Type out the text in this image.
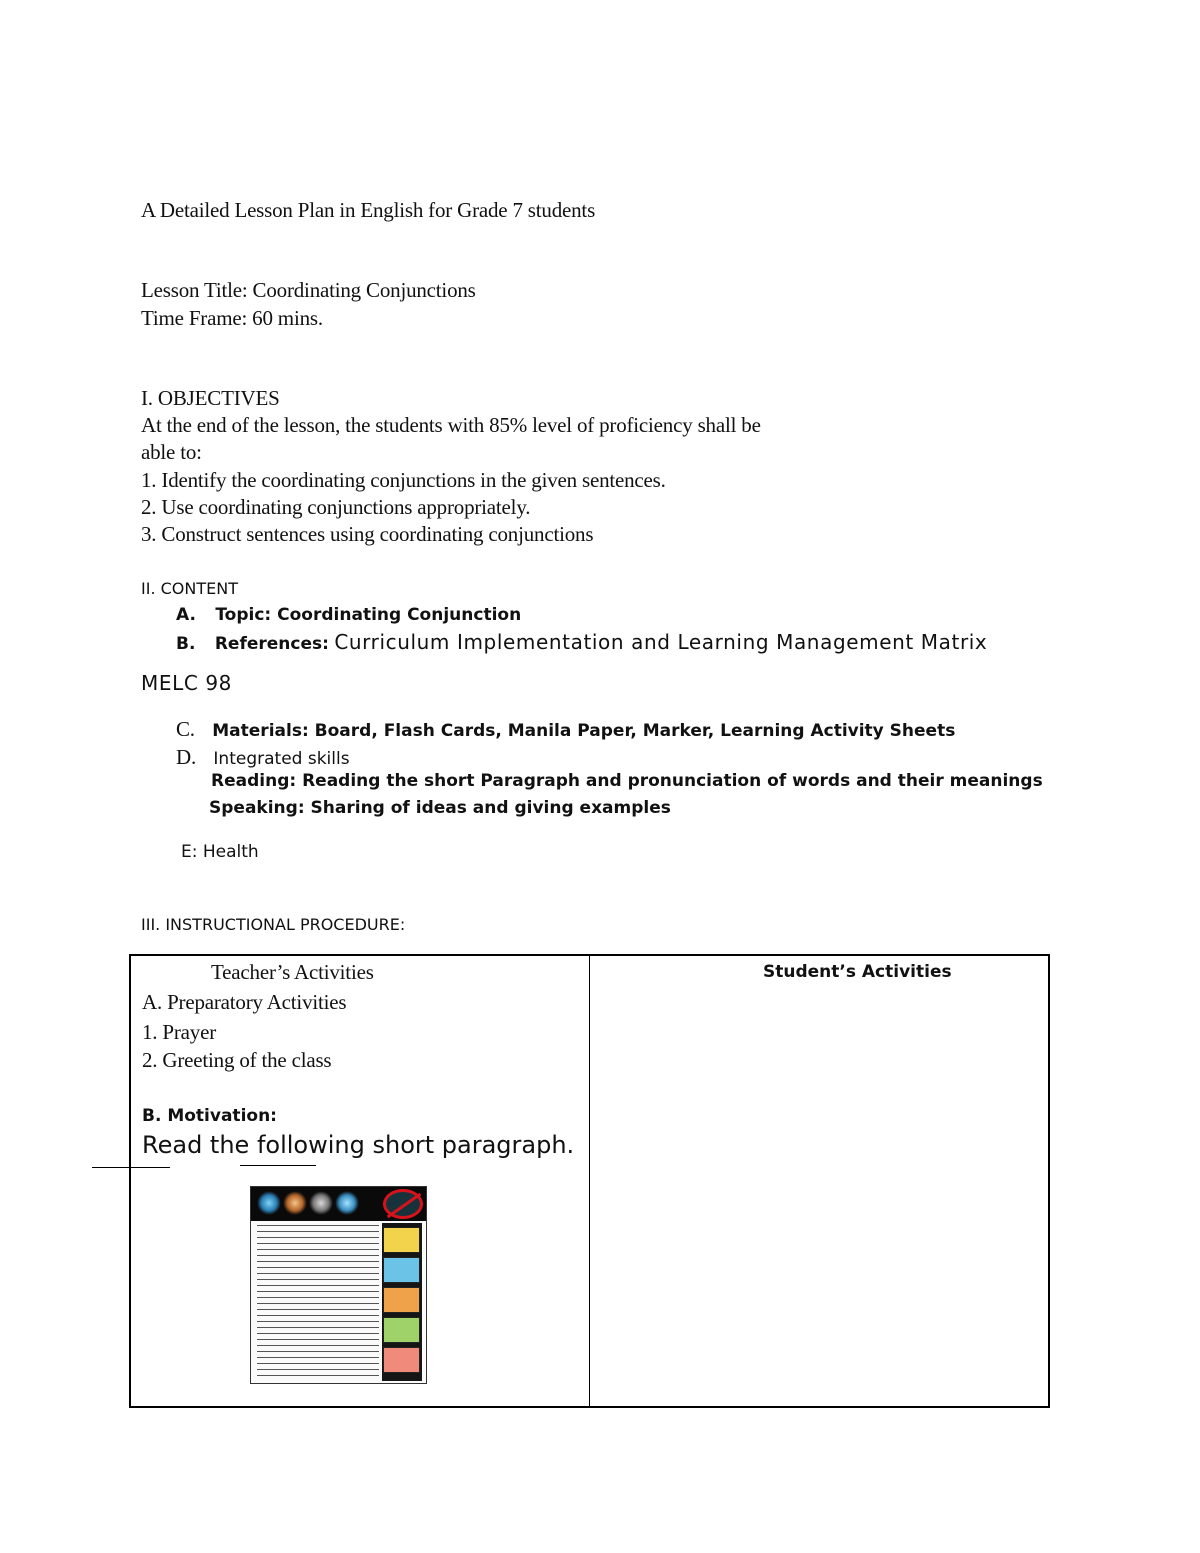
A Detailed Lesson Plan in English for Grade 7 students
Lesson Title: Coordinating Conjunctions
Time Frame: 60 mins.
I. OBJECTIVES
At the end of the lesson, the students with 85% level of proficiency shall be
able to:
1. Identify the coordinating conjunctions in the given sentences.
2. Use coordinating conjunctions appropriately.
3. Construct sentences using coordinating conjunctions
II. CONTENT
A. Topic: Coordinating Conjunction
B. References: Curriculum Implementation and Learning Management Matrix
MELC 98
C. Materials: Board, Flash Cards, Manila Paper, Marker, Learning Activity Sheets
D. Integrated skills
Reading: Reading the short Paragraph and pronunciation of words and their meanings
Speaking: Sharing of ideas and giving examples
E: Health
III. INSTRUCTIONAL PROCEDURE:
Teacher’s Activities	Student’s Activities
A. Preparatory Activities
1. Prayer
2. Greeting of the class
B. Motivation:
Read the following short paragraph.
